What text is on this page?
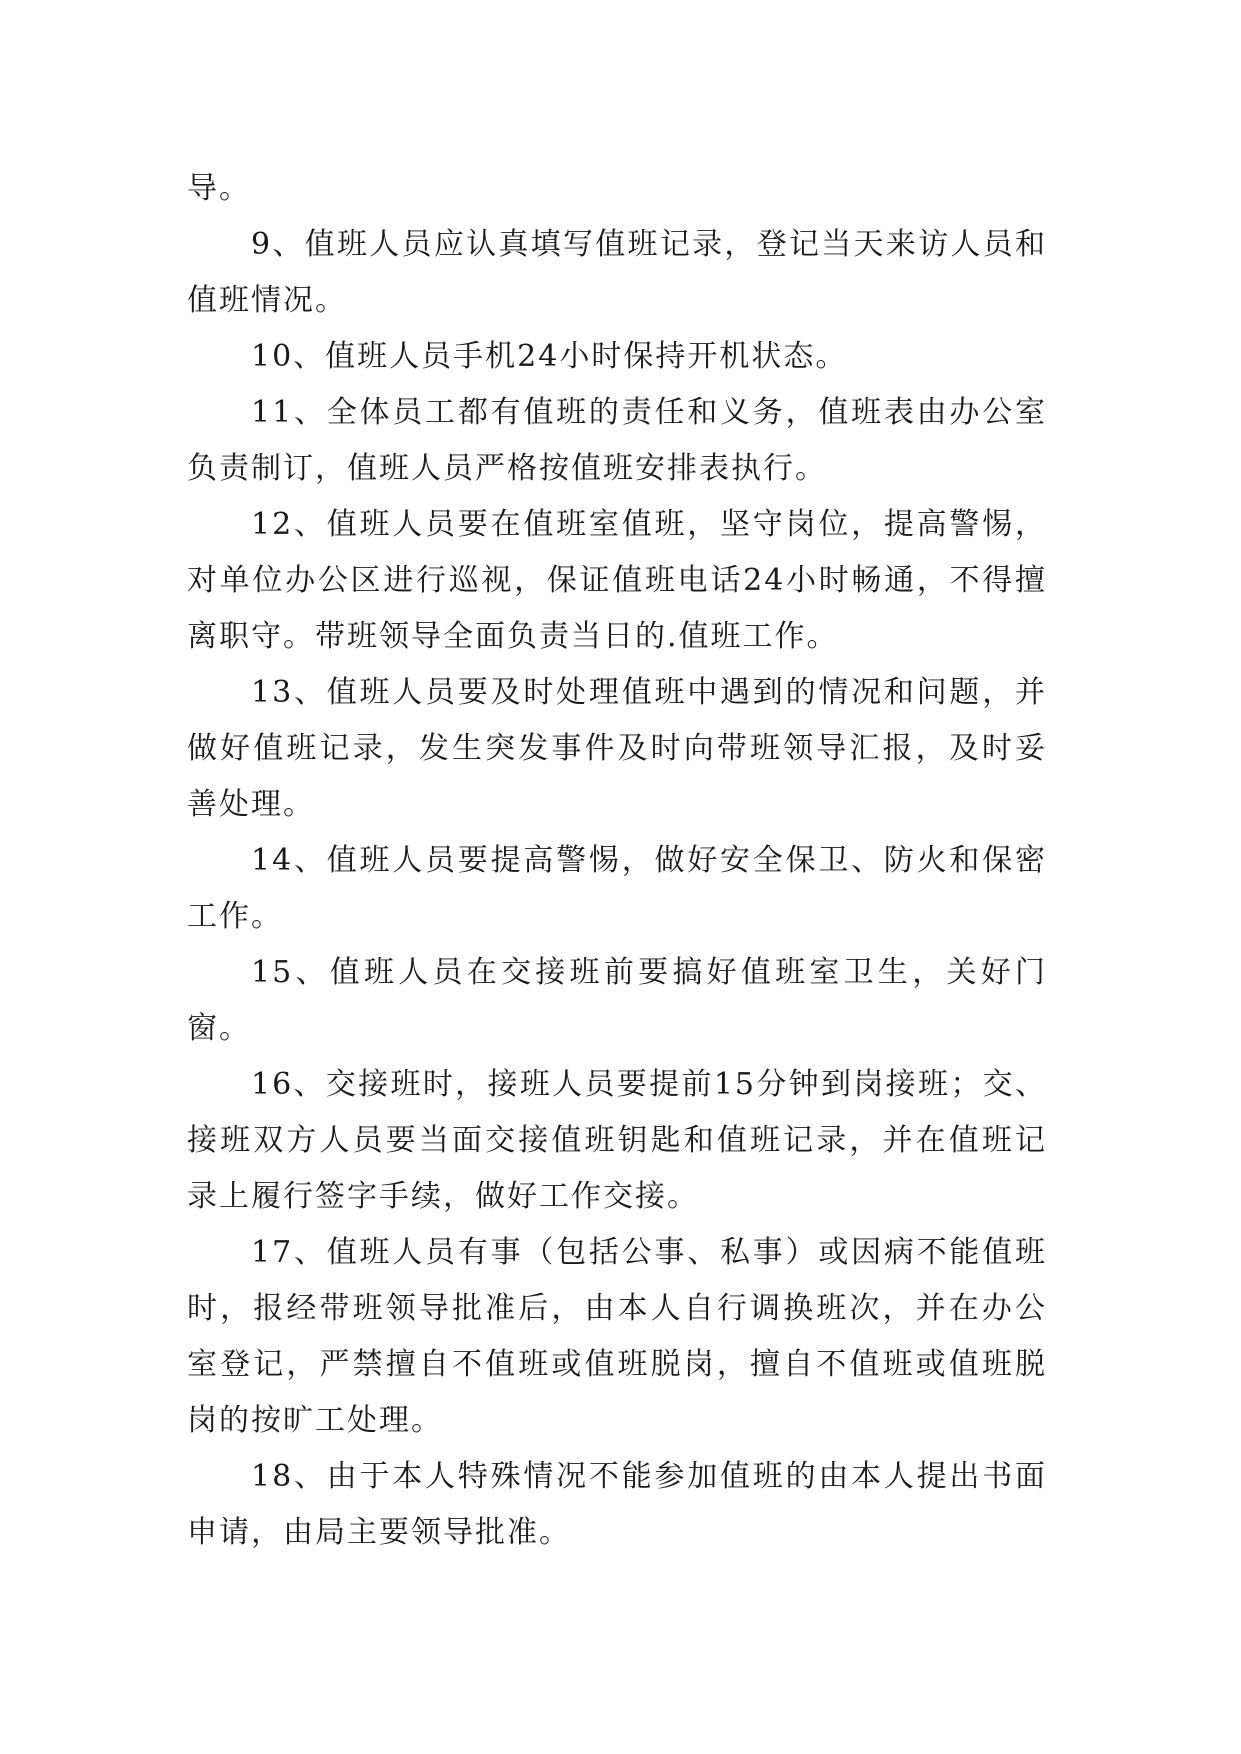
导。

9、值班人员应认真填写值班记录，登记当天来访人员和值班情况。

10、值班人员手机24小时保持开机状态。

11、全体员工都有值班的责任和义务，值班表由办公室负责制订，值班人员严格按值班安排表执行。

12、值班人员要在值班室值班，坚守岗位，提高警惕，对单位办公区进行巡视，保证值班电话24小时畅通，不得擅离职守。带班领导全面负责当日的.值班工作。

13、值班人员要及时处理值班中遇到的情况和问题，并做好值班记录，发生突发事件及时向带班领导汇报，及时妥善处理。

14、值班人员要提高警惕，做好安全保卫、防火和保密工作。

15、值班人员在交接班前要搞好值班室卫生，关好门窗。

16、交接班时，接班人员要提前15分钟到岗接班；交、接班双方人员要当面交接值班钥匙和值班记录，并在值班记录上履行签字手续，做好工作交接。

17、值班人员有事（包括公事、私事）或因病不能值班时，报经带班领导批准后，由本人自行调换班次，并在办公室登记，严禁擅自不值班或值班脱岗，擅自不值班或值班脱岗的按旷工处理。

18、由于本人特殊情况不能参加值班的由本人提出书面申请，由局主要领导批准。
